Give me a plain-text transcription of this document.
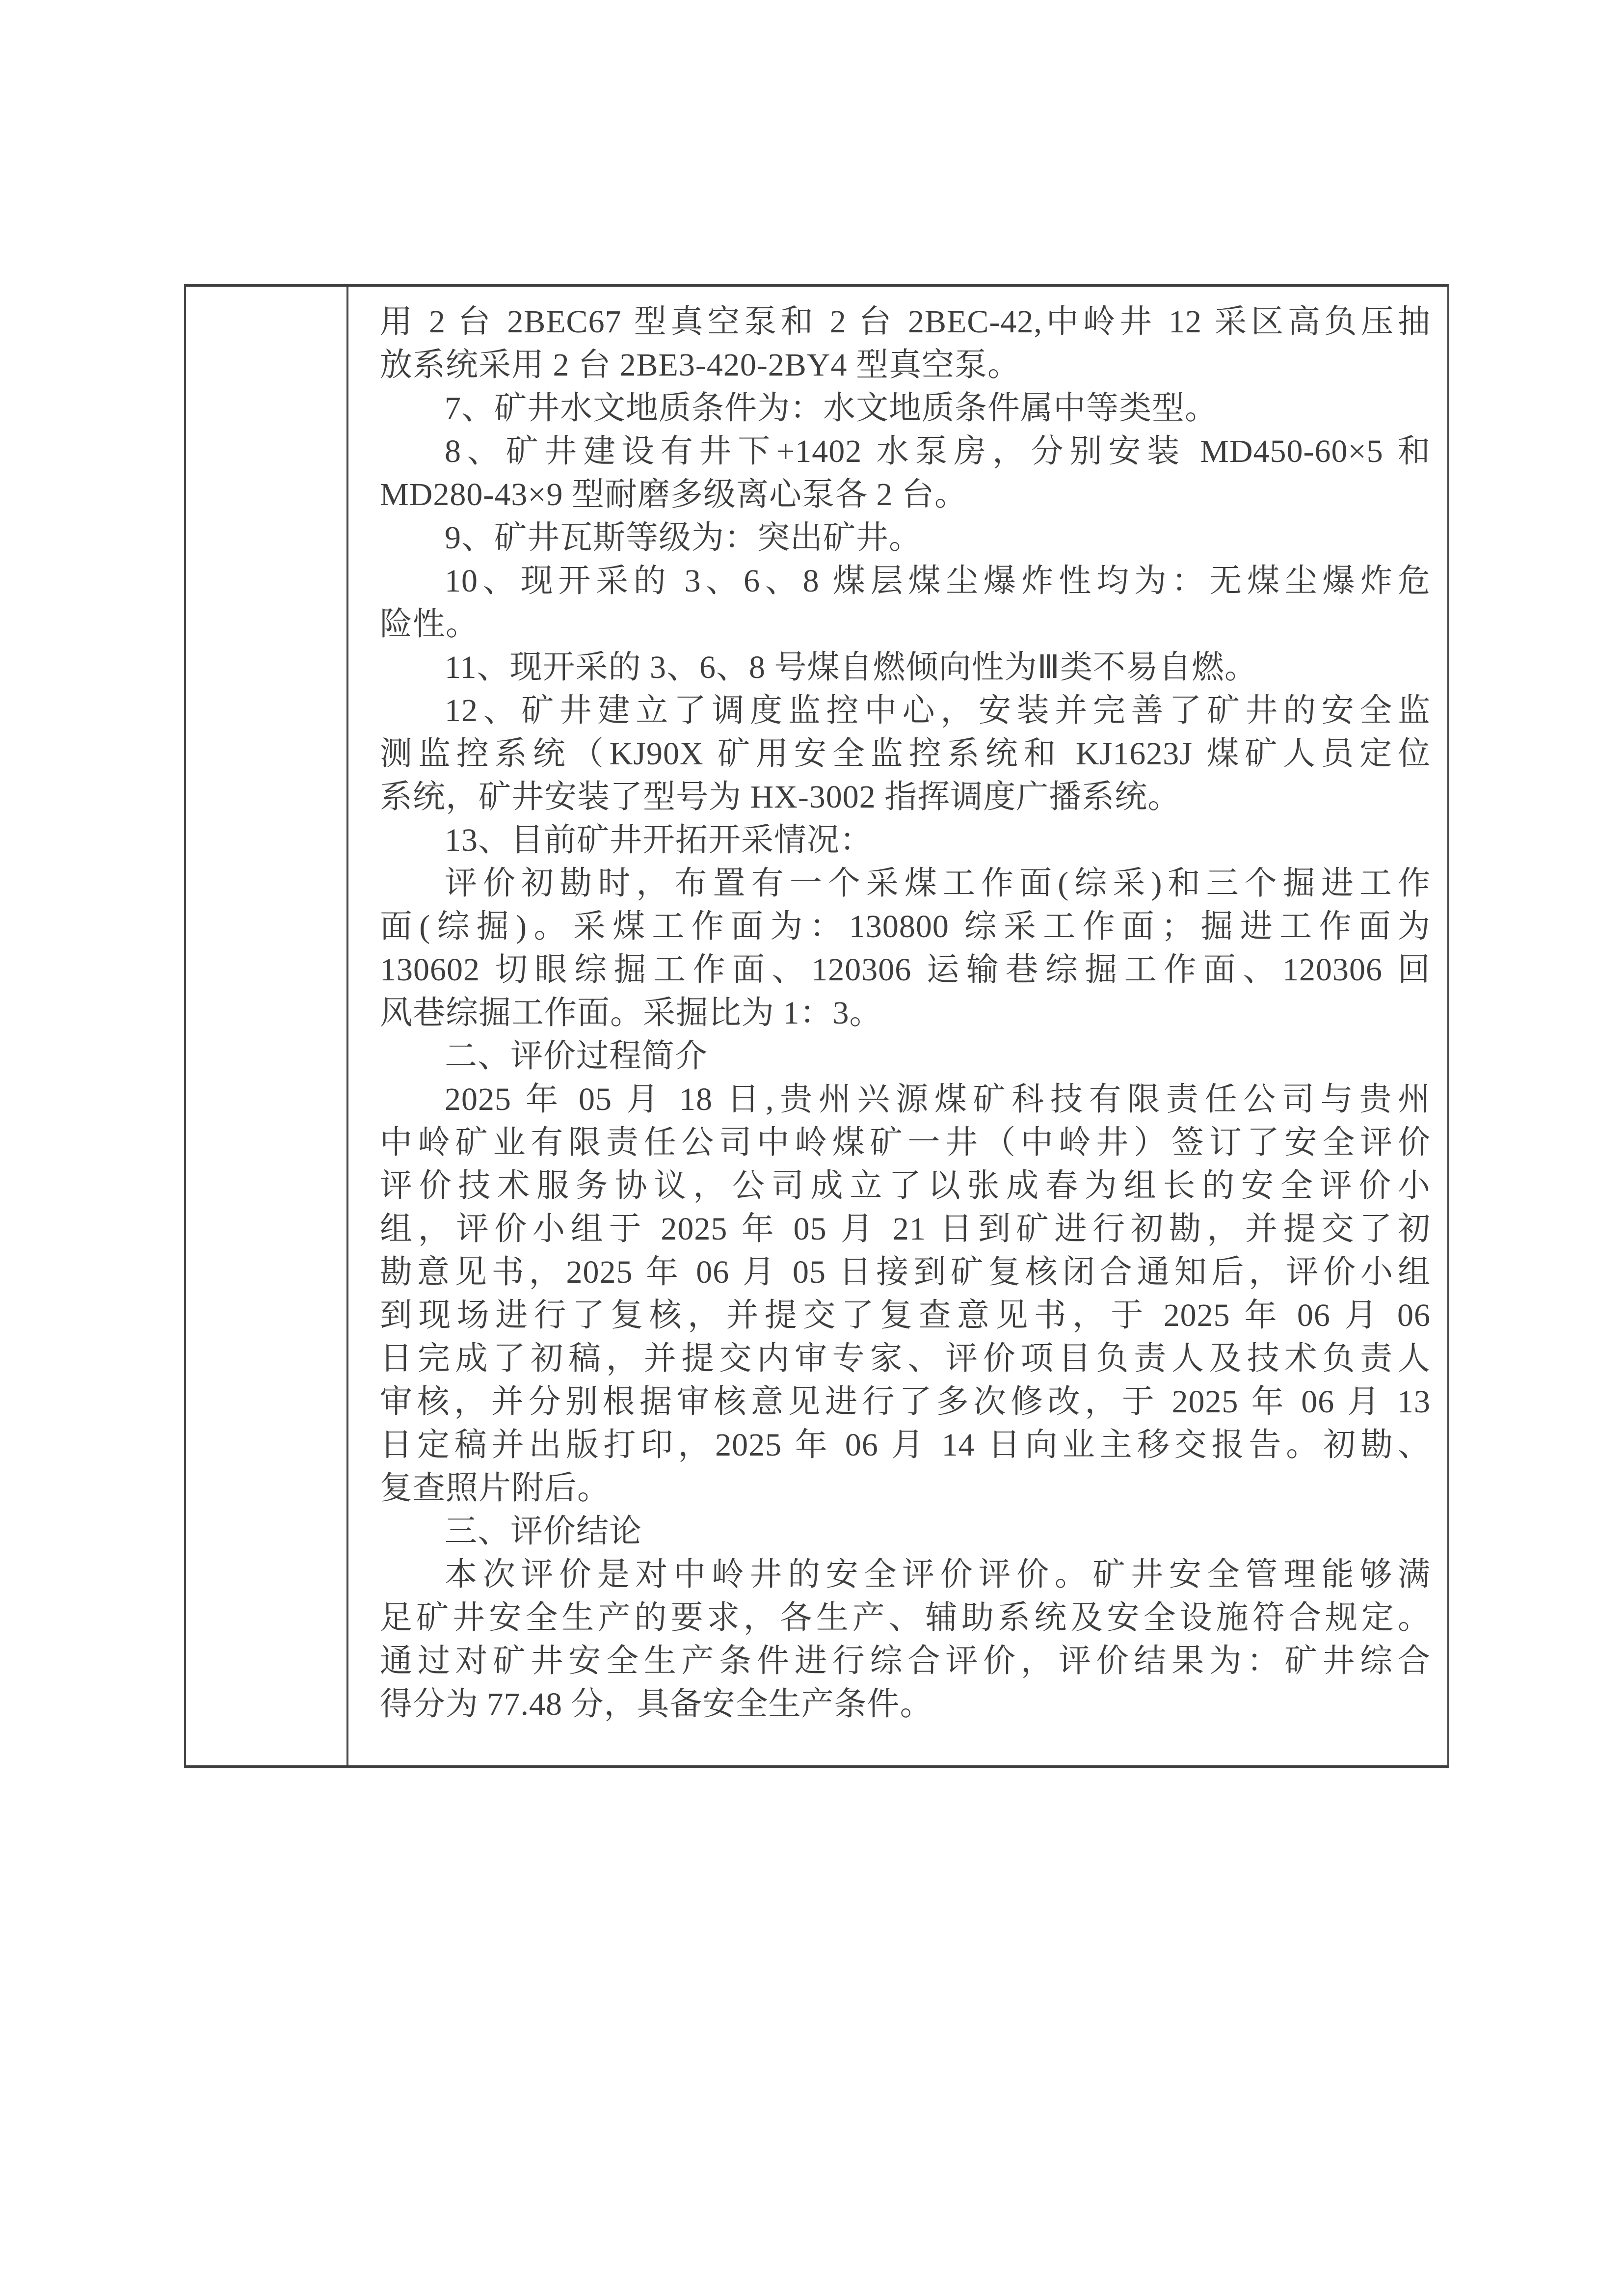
用 2 台 2BEC67 型真空泵和 2 台 2BEC-42,中岭井 12 采区高负压抽
放系统采用 2 台 2BE3-420-2BY4 型真空泵。
7、矿井水文地质条件为：水文地质条件属中等类型。
8、矿井建设有井下+1402 水泵房，分别安装 MD450-60×5 和
MD280-43×9 型耐磨多级离心泵各 2 台。
9、矿井瓦斯等级为：突出矿井。
10、现开采的 3、6、8 煤层煤尘爆炸性均为：无煤尘爆炸危
险性。
11、现开采的 3、6、8 号煤自燃倾向性为Ⅲ类不易自燃。
12、矿井建立了调度监控中心，安装并完善了矿井的安全监
测监控系统（KJ90X 矿用安全监控系统和 KJ1623J 煤矿人员定位
系统，矿井安装了型号为 HX-3002 指挥调度广播系统。
13、目前矿井开拓开采情况：
评价初勘时，布置有一个采煤工作面(综采)和三个掘进工作
面(综掘)。采煤工作面为：130800 综采工作面；掘进工作面为
130602 切眼综掘工作面、120306 运输巷综掘工作面、120306 回
风巷综掘工作面。采掘比为 1：3。
二、评价过程简介
2025 年 05 月 18 日,贵州兴源煤矿科技有限责任公司与贵州
中岭矿业有限责任公司中岭煤矿一井（中岭井）签订了安全评价
评价技术服务协议，公司成立了以张成春为组长的安全评价小
组，评价小组于 2025 年 05 月 21 日到矿进行初勘，并提交了初
勘意见书，2025 年 06 月 05 日接到矿复核闭合通知后，评价小组
到现场进行了复核，并提交了复查意见书，于 2025 年 06 月 06
日完成了初稿，并提交内审专家、评价项目负责人及技术负责人
审核，并分别根据审核意见进行了多次修改，于 2025 年 06 月 13
日定稿并出版打印，2025 年 06 月 14 日向业主移交报告。初勘、
复查照片附后。
三、评价结论
本次评价是对中岭井的安全评价评价。矿井安全管理能够满
足矿井安全生产的要求，各生产、辅助系统及安全设施符合规定。
通过对矿井安全生产条件进行综合评价，评价结果为：矿井综合
得分为 77.48 分，具备安全生产条件。
